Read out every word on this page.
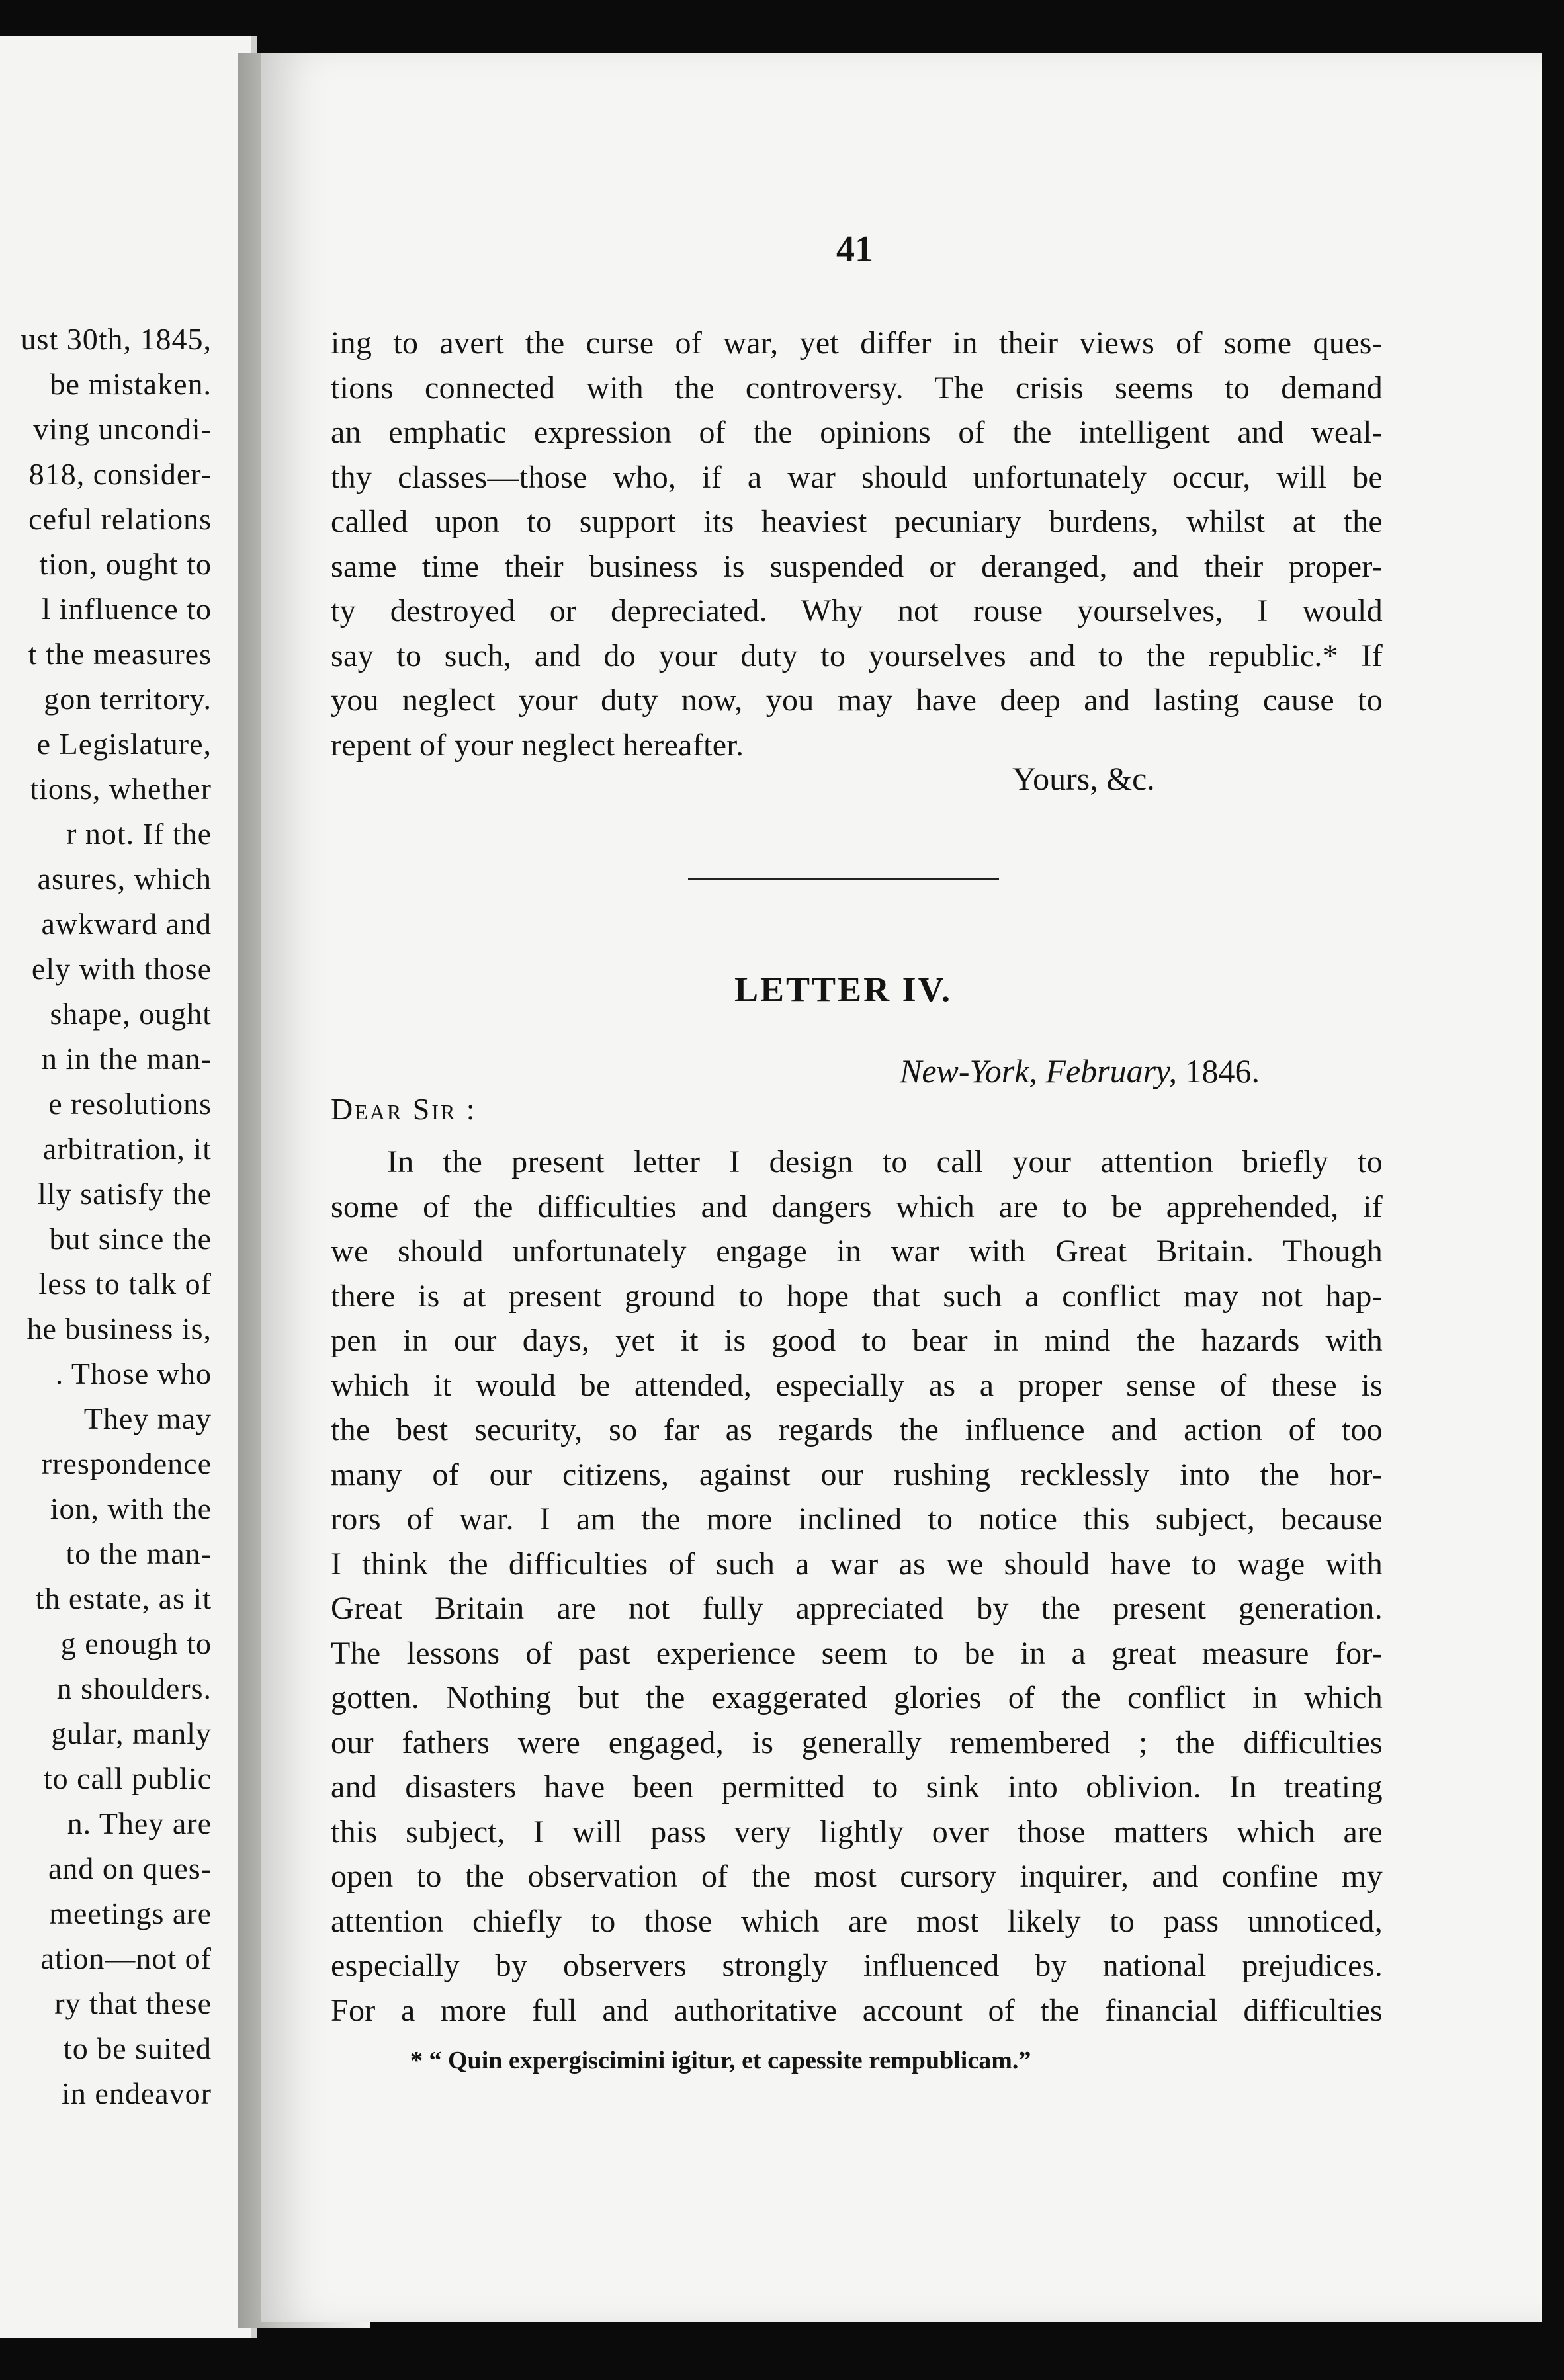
ust 30th, 1845,
be mistaken.
ving uncondi-
818, consider-
ceful relations
tion, ought to
l influence to
t the measures
gon territory.
e Legislature,
tions, whether
r not. If the
asures, which
awkward and
ely with those
shape, ought
n in the man-
e resolutions
arbitration, it
lly satisfy the
but since the
less to talk of
he business is,
. Those who
They may
rrespondence
ion, with the
to the man-
th estate, as it
g enough to
n shoulders.
gular, manly
to call public
n. They are
and on ques-
meetings are
ation—not of
ry that these
to be suited
in endeavor
41
ing to avert the curse of war, yet differ in their views of some ques-
tions connected with the controversy. The crisis seems to demand
an emphatic expression of the opinions of the intelligent and weal-
thy classes—those who, if a war should unfortunately occur, will be
called upon to support its heaviest pecuniary burdens, whilst at the
same time their business is suspended or deranged, and their proper-
ty destroyed or depreciated. Why not rouse yourselves, I would
say to such, and do your duty to yourselves and to the republic.* If
you neglect your duty now, you may have deep and lasting cause to
repent of your neglect hereafter.
Yours, &c.
LETTER IV.
New-York, February, 1846.
Dear Sir :
In the present letter I design to call your attention briefly to
some of the difficulties and dangers which are to be apprehended, if
we should unfortunately engage in war with Great Britain. Though
there is at present ground to hope that such a conflict may not hap-
pen in our days, yet it is good to bear in mind the hazards with
which it would be attended, especially as a proper sense of these is
the best security, so far as regards the influence and action of too
many of our citizens, against our rushing recklessly into the hor-
rors of war. I am the more inclined to notice this subject, because
I think the difficulties of such a war as we should have to wage with
Great Britain are not fully appreciated by the present generation.
The lessons of past experience seem to be in a great measure for-
gotten. Nothing but the exaggerated glories of the conflict in which
our fathers were engaged, is generally remembered ; the difficulties
and disasters have been permitted to sink into oblivion. In treating
this subject, I will pass very lightly over those matters which are
open to the observation of the most cursory inquirer, and confine my
attention chiefly to those which are most likely to pass unnoticed,
especially by observers strongly influenced by national prejudices.
For a more full and authoritative account of the financial difficulties
* “ Quin expergiscimini igitur, et capessite rempublicam.”
